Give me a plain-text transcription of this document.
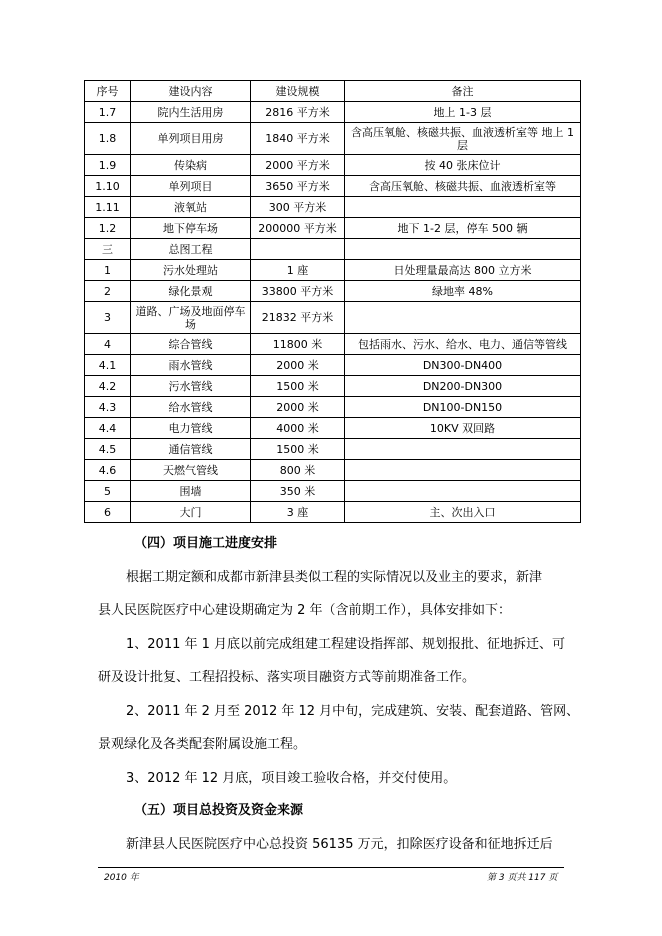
序号	建设内容	建设规模	备注
1.7	院内生活用房	2816 平方米	地上 1-3 层
1.8	单列项目用房	1840 平方米	含高压氧舱、核磁共振、血液透析室等 地上 1 层
1.9	传染病	2000 平方米	按 40 张床位计
1.10	单列项目	3650 平方米	含高压氧舱、核磁共振、血液透析室等
1.11	液氧站	300 平方米	
1.2	地下停车场	200000 平方米	地下 1-2 层，停车 500 辆
三	总图工程		
1	污水处理站	1 座	日处理量最高达 800 立方米
2	绿化景观	33800 平方米	绿地率 48%
3	道路、广场及地面停车场	21832 平方米	
4	综合管线	11800 米	包括雨水、污水、给水、电力、通信等管线
4.1	雨水管线	2000 米	DN300-DN400
4.2	污水管线	1500 米	DN200-DN300
4.3	给水管线	2000 米	DN100-DN150
4.4	电力管线	4000 米	10KV 双回路
4.5	通信管线	1500 米	
4.6	天燃气管线	800 米	
5	围墙	350 米	
6	大门	3 座	主、次出入口
（四）项目施工进度安排
根据工期定额和成都市新津县类似工程的实际情况以及业主的要求，新津
县人民医院医疗中心建设期确定为 2 年（含前期工作），具体安排如下：
1、2011 年 1 月底以前完成组建工程建设指挥部、规划报批、征地拆迁、可
研及设计批复、工程招投标、落实项目融资方式等前期准备工作。
2、2011 年 2 月至 2012 年 12 月中旬，完成建筑、安装、配套道路、管网、
景观绿化及各类配套附属设施工程。
3、2012 年 12 月底，项目竣工验收合格，并交付使用。
（五）项目总投资及资金来源
新津县人民医院医疗中心总投资 56135 万元，扣除医疗设备和征地拆迁后
2010 年	第 3 页共 117 页
